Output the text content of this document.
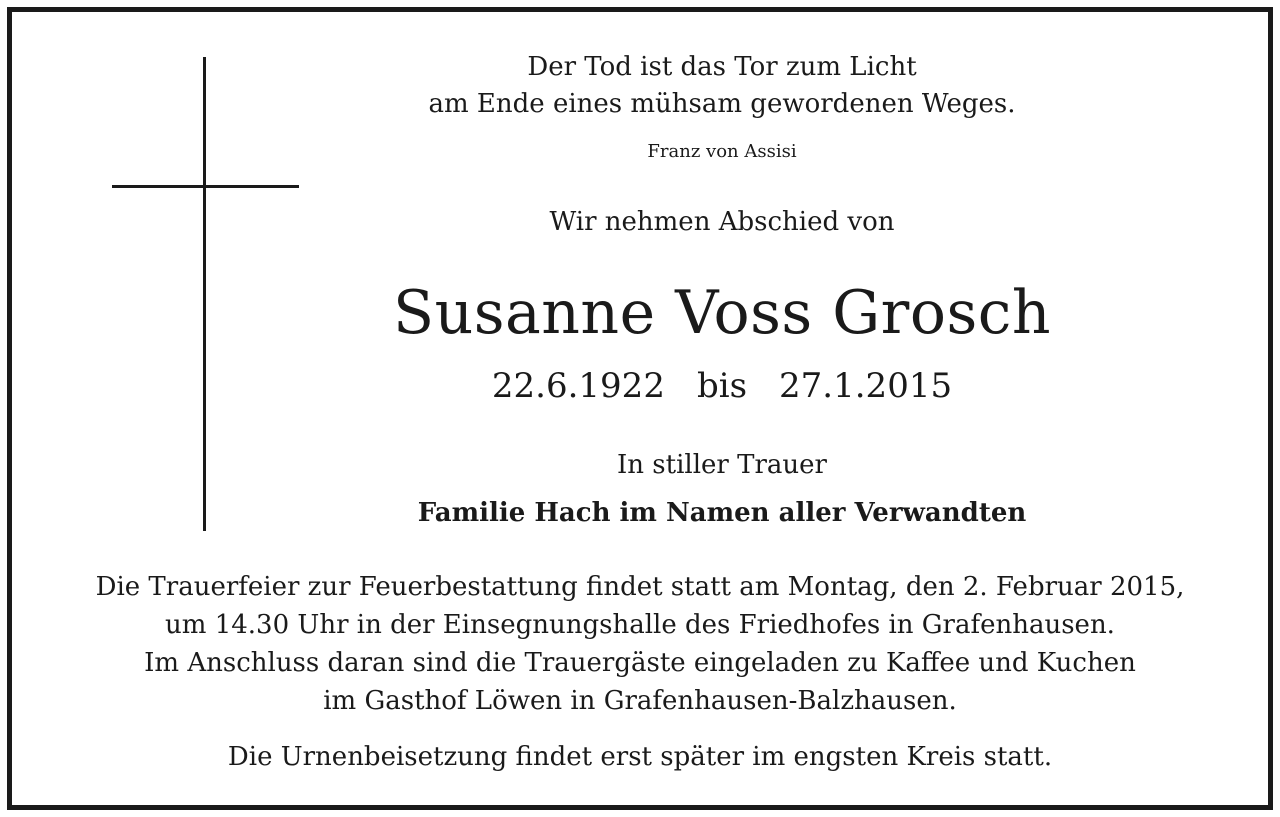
Der Tod ist das Tor zum Licht
am Ende eines mühsam gewordenen Weges.
Franz von Assisi
Wir nehmen Abschied von
Susanne Voss Grosch
22.6.1922 bis 27.1.2015
In stiller Trauer
Familie Hach im Namen aller Verwandten
Die Trauerfeier zur Feuerbestattung findet statt am Montag, den 2. Februar 2015,
um 14.30 Uhr in der Einsegnungshalle des Friedhofes in Grafenhausen.
Im Anschluss daran sind die Trauergäste eingeladen zu Kaffee und Kuchen
im Gasthof Löwen in Grafenhausen-Balzhausen.
Die Urnenbeisetzung findet erst später im engsten Kreis statt.
